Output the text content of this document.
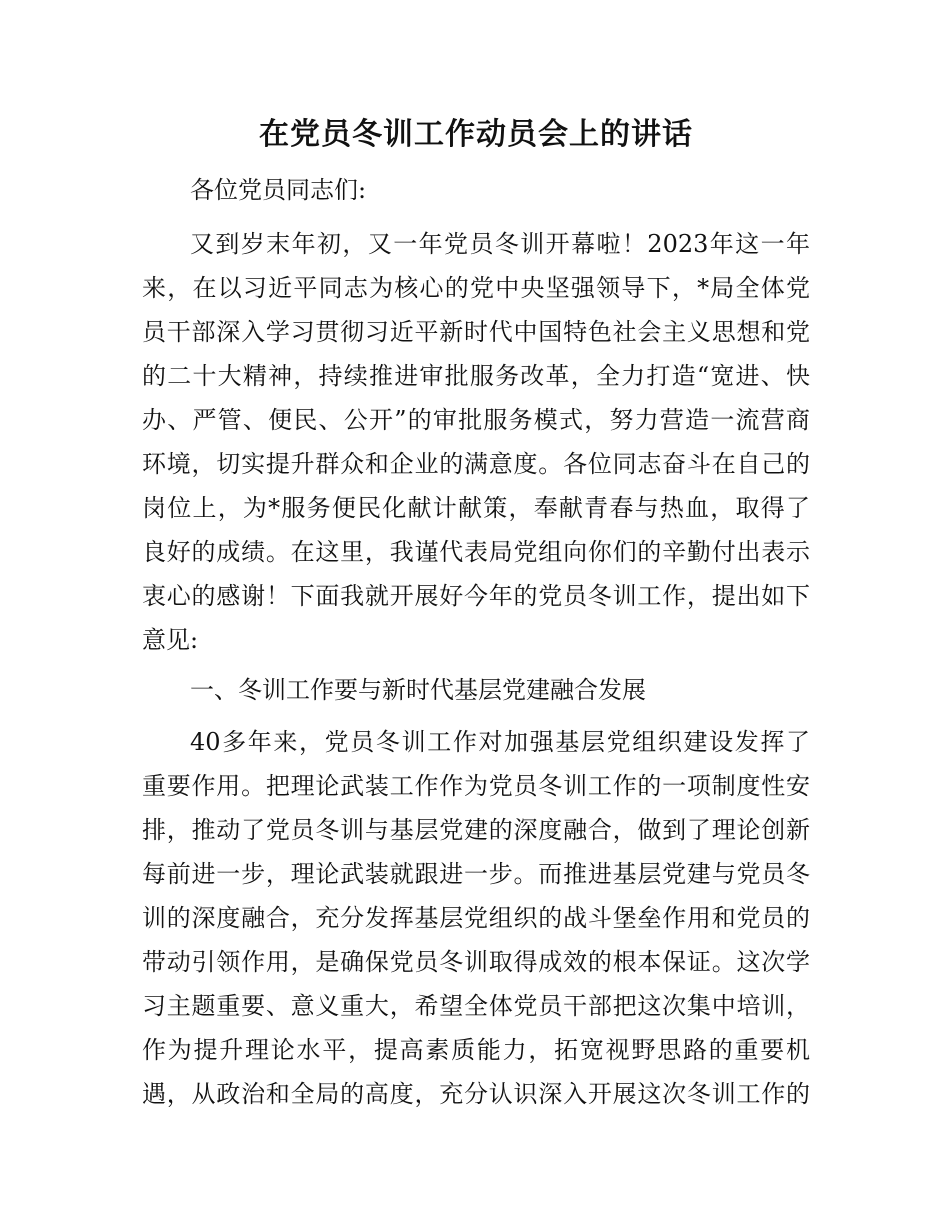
在党员冬训工作动员会上的讲话
各位党员同志们:
又到岁末年初，又一年党员冬训开幕啦！2023年这一年
来，在以习近平同志为核心的党中央坚强领导下，*局全体党
员干部深入学习贯彻习近平新时代中国特色社会主义思想和党
的二十大精神，持续推进审批服务改革，全力打造“宽进、快
办、严管、便民、公开”的审批服务模式，努力营造一流营商
环境，切实提升群众和企业的满意度。各位同志奋斗在自己的
岗位上，为*服务便民化献计献策，奉献青春与热血，取得了
良好的成绩。在这里，我谨代表局党组向你们的辛勤付出表示
衷心的感谢！下面我就开展好今年的党员冬训工作，提出如下
意见:
一、冬训工作要与新时代基层党建融合发展
40多年来，党员冬训工作对加强基层党组织建设发挥了
重要作用。把理论武装工作作为党员冬训工作的一项制度性安
排，推动了党员冬训与基层党建的深度融合，做到了理论创新
每前进一步，理论武装就跟进一步。而推进基层党建与党员冬
训的深度融合，充分发挥基层党组织的战斗堡垒作用和党员的
带动引领作用，是确保党员冬训取得成效的根本保证。这次学
习主题重要、意义重大，希望全体党员干部把这次集中培训，
作为提升理论水平，提高素质能力，拓宽视野思路的重要机
遇，从政治和全局的高度，充分认识深入开展这次冬训工作的
